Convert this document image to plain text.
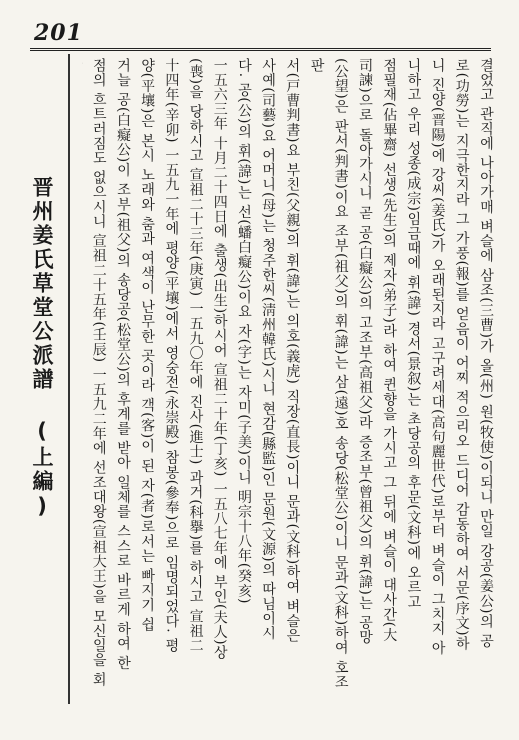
201
晋州姜氏草堂公派譜 (上編)	결었고 관직에 나아가매 벼슬에 삼조(三曹)가 올(州) 원(牧使)이되니 만일 강공(姜公)의 공

로(功勞)는 지극한지라 그 가풍(報)를 얻음이 어찌 적으리오 드디어 감동하여 서문(序文)하

니 진양(晋陽)에 강씨(姜氏)가 오래된지라 고구려세대(高句麗世代)로부터 벼슬이 그치지 아

니하고 우리 성종(成宗)임금때에 휘(諱) 경서(景叙)는 초당공의 후문(文科)에 오르고

점필재(佔畢齋) 선생(先生)의 제자(弟子)라 하여 퀸향을 가시고 그 뒤에 벼슬이 대사간(大

司諫)으로 돌아가시니 곧 공(白癡公)의 고조부(高祖父)라 증조부(曾祖父)의 휘(諱)는 공망

(公望)은 판서(判書)이요 조부(祖父)의 휘(諱)는 삼(遠)호 송당(松堂公)이니 문과(文科)하여 호조판

서(戸曹判書)요 부친(父親)의 휘(諱)는 의호(義虎) 직장(直長)이니 문과(文科)하여 벼슬은

사예(司藝)요 어머니(母)는 청주한씨(淸州韓氏)시니 현감(縣監)인 문원(文源)의 따님이시

다. 공(公)의 휘(諱)는 선(蟠白癡公)이요 자(字)는 자미(子美)이니 明宗十八年(癸亥)

一五六三年 十月二十四日에 출생(出生)하시어 宣祖二十年(丁亥) 一五八七年에 부인(夫人)상

(喪)을 당하시고 宣祖二十三年(庚寅) 一五九〇年에 진사(進士) 과거(科擧)를 하시고 宣祖二

十四年(辛卯) 一五九一年에 평양(平壤)에서 영숭전(永崇殿) 참봉(參奉)으로 임명되었다. 평

양(平壤)은 본시 노래와 춤과 여색이 난무한 곳이라 객(客)이 된 자(者)로서는 빠지기 쉽

거늘 공(白癡公)이 조부(祖父)의 송당공(松堂公)의 후계를 받아 일체를 스스로 바르게 하여 한

점의 흐트러짐도 없으시니 宣祖二十五年(壬辰) 一五九二年에 선조대왕(宣祖大王)을 모신일을 회
